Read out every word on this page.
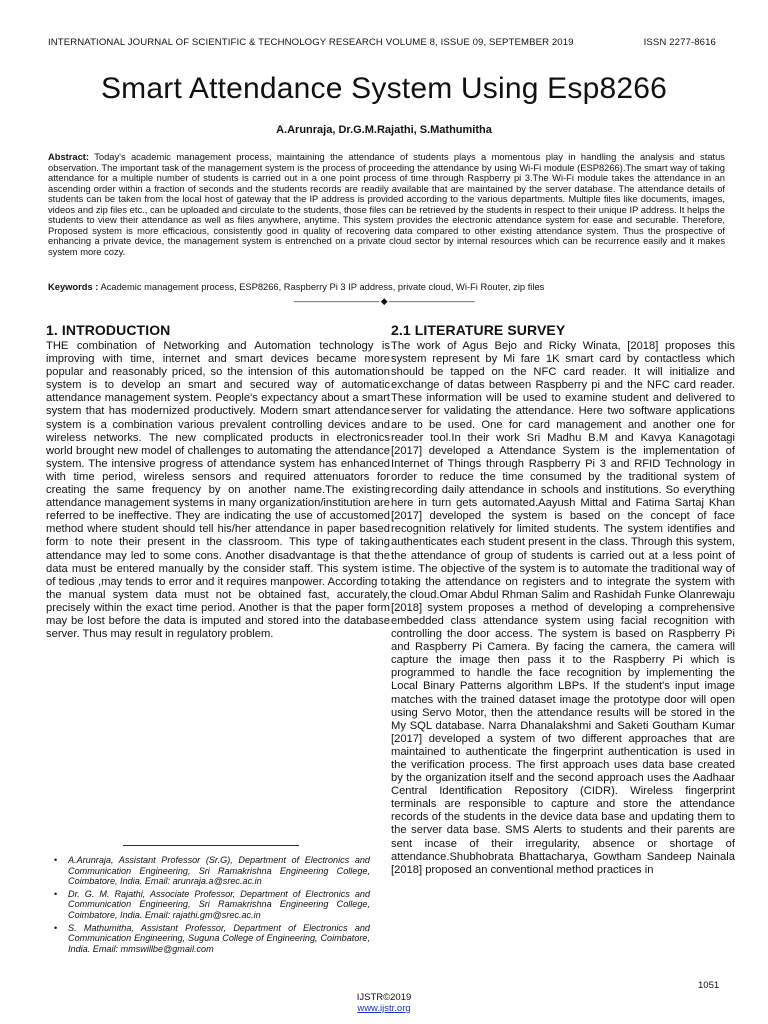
INTERNATIONAL JOURNAL OF SCIENTIFIC & TECHNOLOGY RESEARCH VOLUME 8, ISSUE 09, SEPTEMBER 2019	ISSN 2277-8616
Smart Attendance System Using Esp8266
A.Arunraja, Dr.G.M.Rajathi, S.Mathumitha
Abstract: Today's academic management process, maintaining the attendance of students plays a momentous play in handling the analysis and status observation. The important task of the management system is the process of proceeding the attendance by using Wi-Fi module (ESP8266).The smart way of taking attendance for a multiple number of students is carried out in a one point process of time through Raspberry pi 3.The Wi-Fi module takes the attendance in an ascending order within a fraction of seconds and the students records are readily available that are maintained by the server database. The attendance details of students can be taken from the local host of gateway that the IP address is provided according to the various departments. Multiple files like documents, images, videos and zip files etc., can be uploaded and circulate to the students, those files can be retrieved by the students in respect to their unique IP address. It helps the students to view their attendance as well as files anywhere, anytime. This system provides the electronic attendance system for ease and securable. Therefore, Proposed system is more efficacious, consistently good in quality of recovering data compared to other existing attendance system. Thus the prospective of enhancing a private device, the management system is entrenched on a private cloud sector by internal resources which can be recurrence easily and it makes system more cozy.
Keywords : Academic management process, ESP8266, Raspberry Pi 3 IP address, private cloud, Wi-Fi Router, zip files
—————————— ◆ ——————————
1. INTRODUCTION

THE combination of Networking and Automation technology is improving with time, internet and smart devices became more popular and reasonably priced, so the intension of this automation system is to develop an smart and secured way of automatic attendance management system. People's expectancy about a smart system that has modernized productively. Modern smart attendance system is a combination various prevalent controlling devices and wireless networks. The new complicated products in electronics world brought new model of challenges to automating the attendance system. The intensive progress of attendance system has enhanced with time period, wireless sensors and required attenuators for creating the same frequency by on another name.The existing attendance management systems in many organization/institution are referred to be ineffective. They are indicating the use of accustomed method where student should tell his/her attendance in paper based form to note their present in the classroom. This type of taking attendance may led to some cons. Another disadvantage is that the data must be entered manually by the consider staff. This system is of tedious ,may tends to error and it requires manpower. According to the manual system data must not be obtained fast, accurately, precisely within the exact time period. Another is that the paper form may be lost before the data is imputed and stored into the database server. Thus may result in regulatory problem.

2.1 LITERATURE SURVEY

The work of Agus Bejo and Ricky Winata, [2018] proposes this system represent by Mi fare 1K smart card by contactless which should be tapped on the NFC card reader. It will initialize and exchange of datas between Raspberry pi and the NFC card reader. These information will be used to examine student and delivered to server for validating the attendance. Here two software applications are to be used. One for card management and another one for reader tool.In their work Sri Madhu B.M and Kavya Kanagotagi [2017] developed a Attendance System is the implementation of Internet of Things through Raspberry Pi 3 and RFID Technology in order to reduce the time consumed by the traditional system of recording daily attendance in schools and institutions. So everything here in turn gets automated.Aayush Mittal and Fatima Sartaj Khan [2017] developed the system is based on the concept of face recognition relatively for limited students. The system identifies and authenticates each student present in the class. Through this system, the attendance of group of students is carried out at a less point of time. The objective of the system is to automate the traditional way of taking the attendance on registers and to integrate the system with the cloud.Omar Abdul Rhman Salim and Rashidah Funke Olanrewaju [2018] system proposes a method of developing a comprehensive embedded class attendance system using facial recognition with controlling the door access. The system is based on Raspberry Pi and Raspberry Pi Camera. By facing the camera, the camera will capture the image then pass it to the Raspberry Pi which is programmed to handle the face recognition by implementing the Local Binary Patterns algorithm LBPs. If the student's input image matches with the trained dataset image the prototype door will open using Servo Motor, then the attendance results will be stored in the My SQL database. Narra Dhanalakshmi and Saketi Goutham Kumar [2017] developed a system of two different approaches that are maintained to authenticate the fingerprint authentication is used in the verification process. The first approach uses data base created by the organization itself and the second approach uses the Aadhaar Central Identification Repository (CIDR). Wireless fingerprint terminals are responsible to capture and store the attendance records of the students in the device data base and updating them to the server data base. SMS Alerts to students and their parents are sent incase of their irregularity, absence or shortage of attendance.Shubhobrata Bhattacharya, Gowtham Sandeep Nainala [2018] proposed an conventional method practices in

• A.Arunraja, Assistant Professor (Sr.G), Department of Electronics and Communication Engineering, Sri Ramakrishna Engineering College, Coimbatore, India. Email: arunraja.a@srec.ac.in
• Dr. G. M. Rajathi, Associate Professor, Department of Electronics and Communication Engineering, Sri Ramakrishna Engineering College, Coimbatore, India. Email: rajathi.gm@srec.ac.in
• S. Mathumitha, Assistant Professor, Department of Electronics and Communication Engineering, Suguna College of Engineering, Coimbatore, India. Email: mmswillbe@gmail.com
1051
IJSTR©2019
www.ijstr.org
